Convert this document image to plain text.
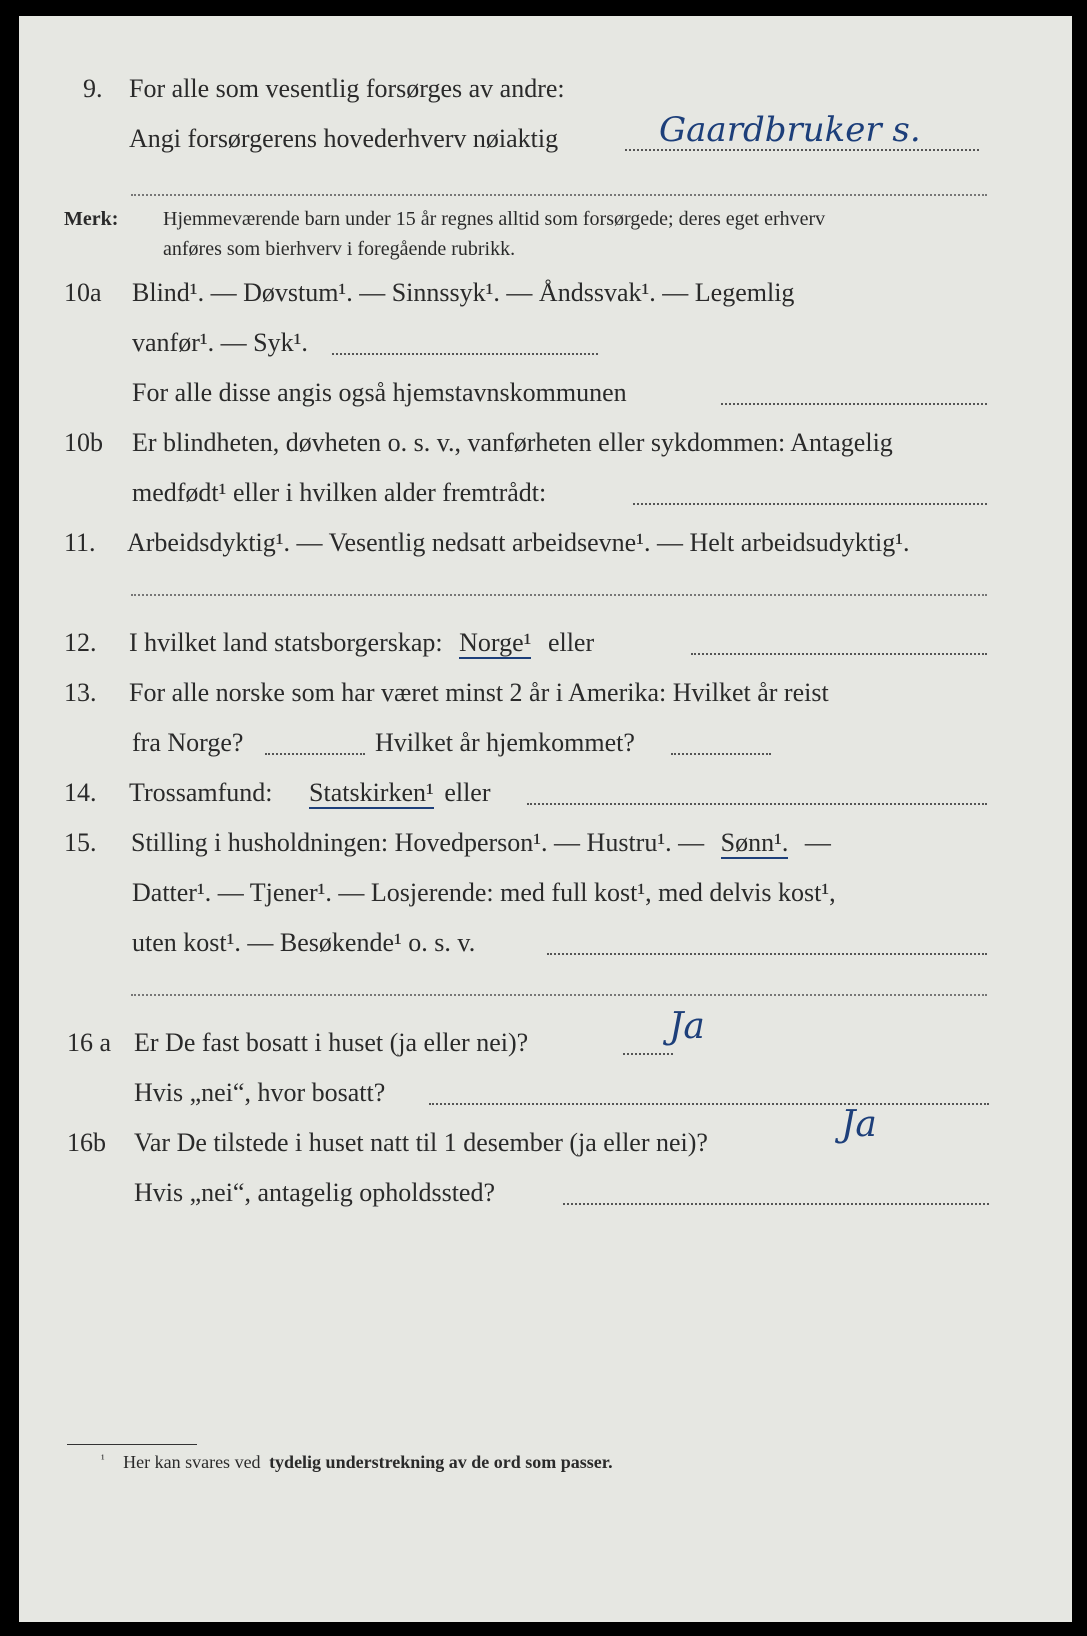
9. For alle som vesentlig forsørges av andre:
Angi forsørgerens hovederhverv nøiaktig	Gaardbruker s.
Merk: Hjemmeværende barn under 15 år regnes alltid som forsørgede; deres eget erhverv
anføres som bierhverv i foregående rubrikk.
10a Blind¹. — Døvstum¹. — Sinnssyk¹. — Åndssvak¹. — Legemlig
vanfør¹. — Syk¹.
For alle disse angis også hjemstavnskommunen
10b Er blindheten, døvheten o. s. v., vanførheten eller sykdommen: Antagelig
medfødt¹ eller i hvilken alder fremtrådt:
11. Arbeidsdyktig¹. — Vesentlig nedsatt arbeidsevne¹. — Helt arbeidsudyktig¹.
12. I hvilket land statsborgerskap: Norge¹ eller
13. For alle norske som har været minst 2 år i Amerika: Hvilket år reist
fra Norge?	Hvilket år hjemkommet?
14. Trossamfund: Statskirken¹ eller
15. Stilling i husholdningen: Hovedperson¹. — Hustru¹. — Sønn¹. —
Datter¹. — Tjener¹. — Losjerende: med full kost¹, med delvis kost¹,
uten kost¹. — Besøkende¹ o. s. v.
16 a Er De fast bosatt i huset (ja eller nei)?	Ja
Hvis „nei“, hvor bosatt?
16b Var De tilstede i huset natt til 1 desember (ja eller nei)?	Ja
Hvis „nei“, antagelig opholdssted?
$^{^1}$ Her kan svares ved tydelig understrekning av de ord som passer.
